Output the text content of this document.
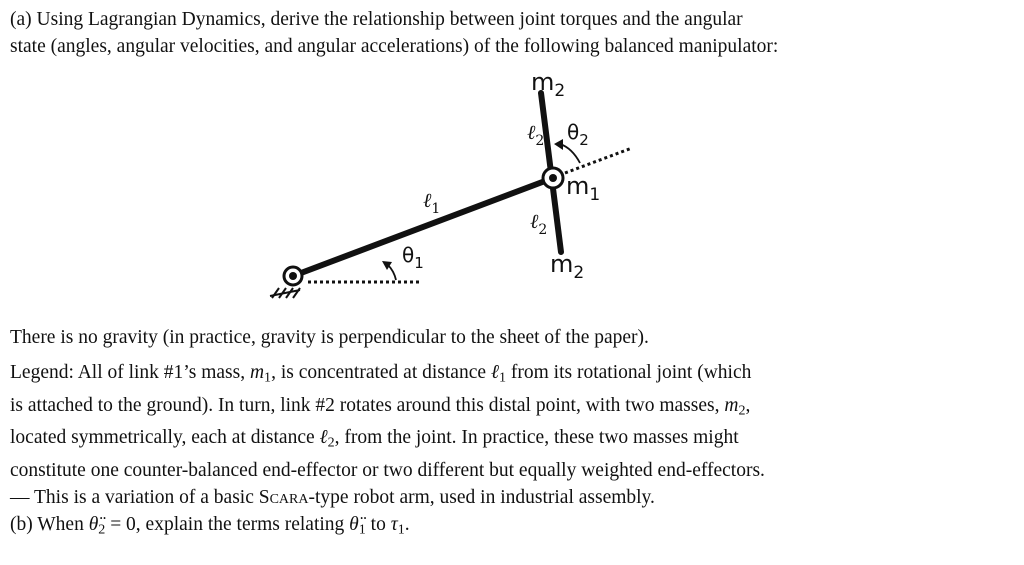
(a) Using Lagrangian Dynamics, derive the relationship between joint torques and the angular
state (angles, angular velocities, and angular accelerations) of the following balanced manipulator:
$m_2$
ℓ$_2$ $\theta_2$
$m_1$
ℓ$_1$	ℓ$_2$
$\theta_1$	$m_2$
There is no gravity (in practice, gravity is perpendicular to the sheet of the paper).
Legend: All of link #1’s mass, $m_1$, is concentrated at distance ℓ$_1$ from its rotational joint (which
is attached to the ground). In turn, link #2 rotates around this distal point, with two masses, $m_2$,
located symmetrically, each at distance ℓ$_2$, from the joint. In practice, these two masses might
constitute one counter-balanced end-effector or two different but equally weighted end-effectors.
— This is a variation of a basic Scara-type robot arm, used in industrial assembly.
(b) When $\thetä_2 = 0$, explain the terms relating $\thetä_1$ to $\tau_1$.
